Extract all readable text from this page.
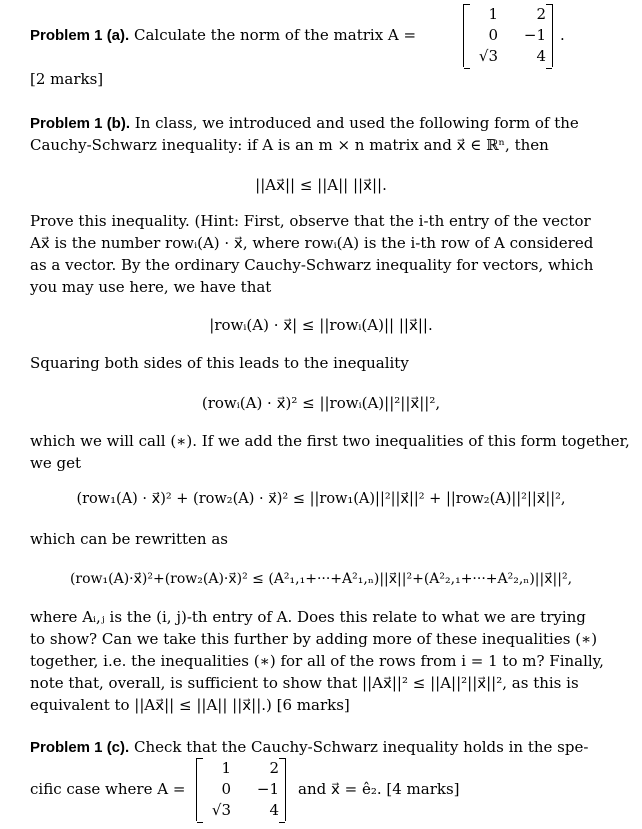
Problem 1 (a). Calculate the norm of the matrix A =
1	2
0	−1
√3	4
.
[2 marks]
Problem 1 (b). In class, we introduced and used the following form of the
Cauchy-Schwarz inequality: if A is an m × n matrix and x⃗ ∈ ℝⁿ, then
||Ax⃗|| ≤ ||A|| ||x⃗||.
Prove this inequality. (Hint: First, observe that the i-th entry of the vector
Ax⃗ is the number rowᵢ(A) · x⃗, where rowᵢ(A) is the i-th row of A considered
as a vector. By the ordinary Cauchy-Schwarz inequality for vectors, which
you may use here, we have that
|rowᵢ(A) · x⃗| ≤ ||rowᵢ(A)|| ||x⃗||.
Squaring both sides of this leads to the inequality
(rowᵢ(A) · x⃗)² ≤ ||rowᵢ(A)||²||x⃗||²,
which we will call (∗). If we add the first two inequalities of this form together,
we get
(row₁(A) · x⃗)² + (row₂(A) · x⃗)² ≤ ||row₁(A)||²||x⃗||² + ||row₂(A)||²||x⃗||²,
which can be rewritten as
(row₁(A)·x⃗)²+(row₂(A)·x⃗)² ≤ (A²₁,₁+···+A²₁,ₙ)||x⃗||²+(A²₂,₁+···+A²₂,ₙ)||x⃗||²,
where Aᵢ,ⱼ is the (i, j)-th entry of A. Does this relate to what we are trying
to show? Can we take this further by adding more of these inequalities (∗)
together, i.e. the inequalities (∗) for all of the rows from i = 1 to m? Finally,
note that, overall, is sufficient to show that ||Ax⃗||² ≤ ||A||²||x⃗||², as this is
equivalent to ||Ax⃗|| ≤ ||A|| ||x⃗||.) [6 marks]
Problem 1 (c). Check that the Cauchy-Schwarz inequality holds in the spe-
cific case where A =
1	2
0	−1
√3	4
and x⃗ = ê₂. [4 marks]
